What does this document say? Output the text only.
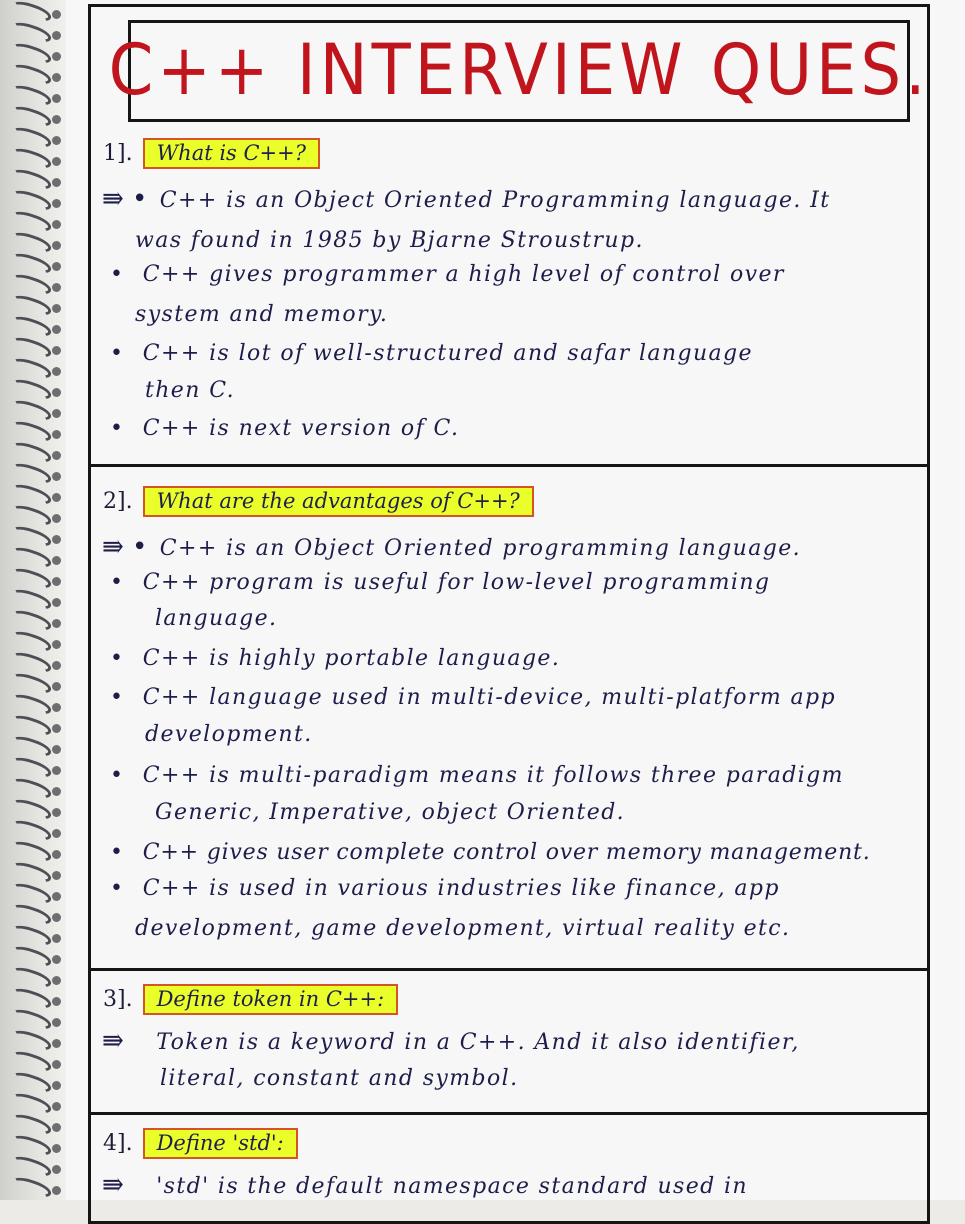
C++ INTERVIEW QUES.
1].	What is C++?
⇛ • C++ is an Object Oriented Programming language. It
was found in 1985 by Bjarne Stroustrup.
• C++ gives programmer a high level of control over
system and memory.
• C++ is lot of well-structured and safar language
then C.
• C++ is next version of C.
2].	What are the advantages of C++?
⇛ • C++ is an Object Oriented programming language.
• C++ program is useful for low-level programming
language.
• C++ is highly portable language.
• C++ language used in multi-device, multi-platform app
development.
• C++ is multi-paradigm means it follows three paradigm
Generic, Imperative, object Oriented.
• C++ gives user complete control over memory management.
• C++ is used in various industries like finance, app
development, game development, virtual reality etc.
3].	Define token in C++:
⇛ Token is a keyword in a C++. And it also identifier,
literal, constant and symbol.
4].	Define 'std':
⇛ 'std' is the default namespace standard used in
